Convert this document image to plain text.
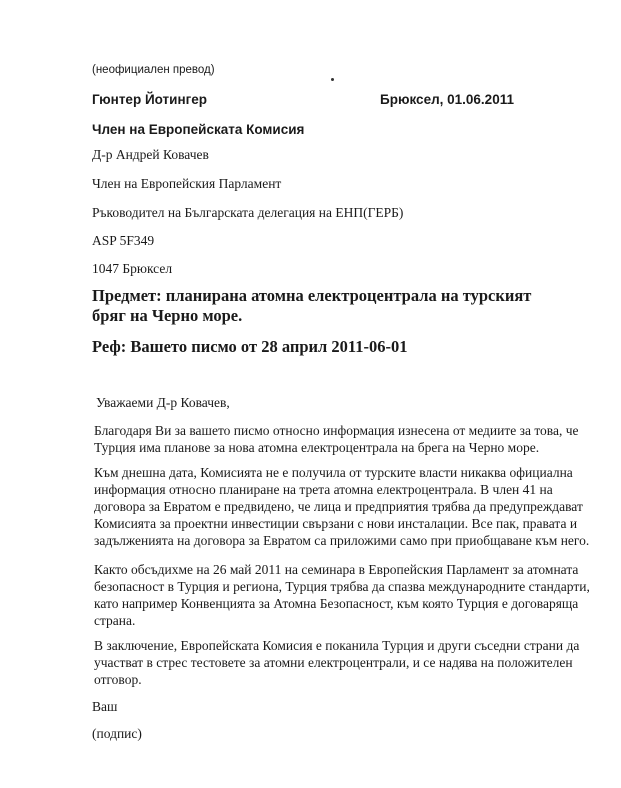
(неофициален превод)
Гюнтер Йотингер	Брюксел, 01.06.2011
Член на Европейската Комисия
Д-р Андрей Ковачев
Член на Европейския Парламент
Ръководител на Българската делегация на ЕНП(ГЕРБ)
ASP 5F349
1047 Брюксел
Предмет: планирана атомна електроцентрала на турският бряг на Черно море.
Реф: Вашето писмо от 28 април 2011-06-01
Уважаеми Д-р Ковачев,
Благодаря Ви за вашето писмо относно информация изнесена от медиите за това, че
Турция има планове за нова атомна електроцентрала на брега на Черно море.
Към днешна дата, Комисията не е получила от турските власти никаква официална
информация относно планиране на трета атомна електроцентрала. В член 41 на
договора за Евратом е предвидено, че лица и предприятия трябва да предупреждават
Комисията за проектни инвестиции свързани с нови инсталации. Все пак, правата и
задълженията на договора за Евратом са приложими само при приобщаване към него.
Както обсъдихме на 26 май 2011 на семинара в Европейския Парламент за атомната
безопасност в Турция и региона, Турция трябва да спазва международните стандарти,
като например Конвенцията за Атомна Безопасност, към която Турция е договаряща
страна.
В заключение, Европейската Комисия е поканила Турция и други съседни страни да
участват в стрес тестовете за атомни електроцентрали, и се надява на положителен
отговор.
Ваш
(подпис)
